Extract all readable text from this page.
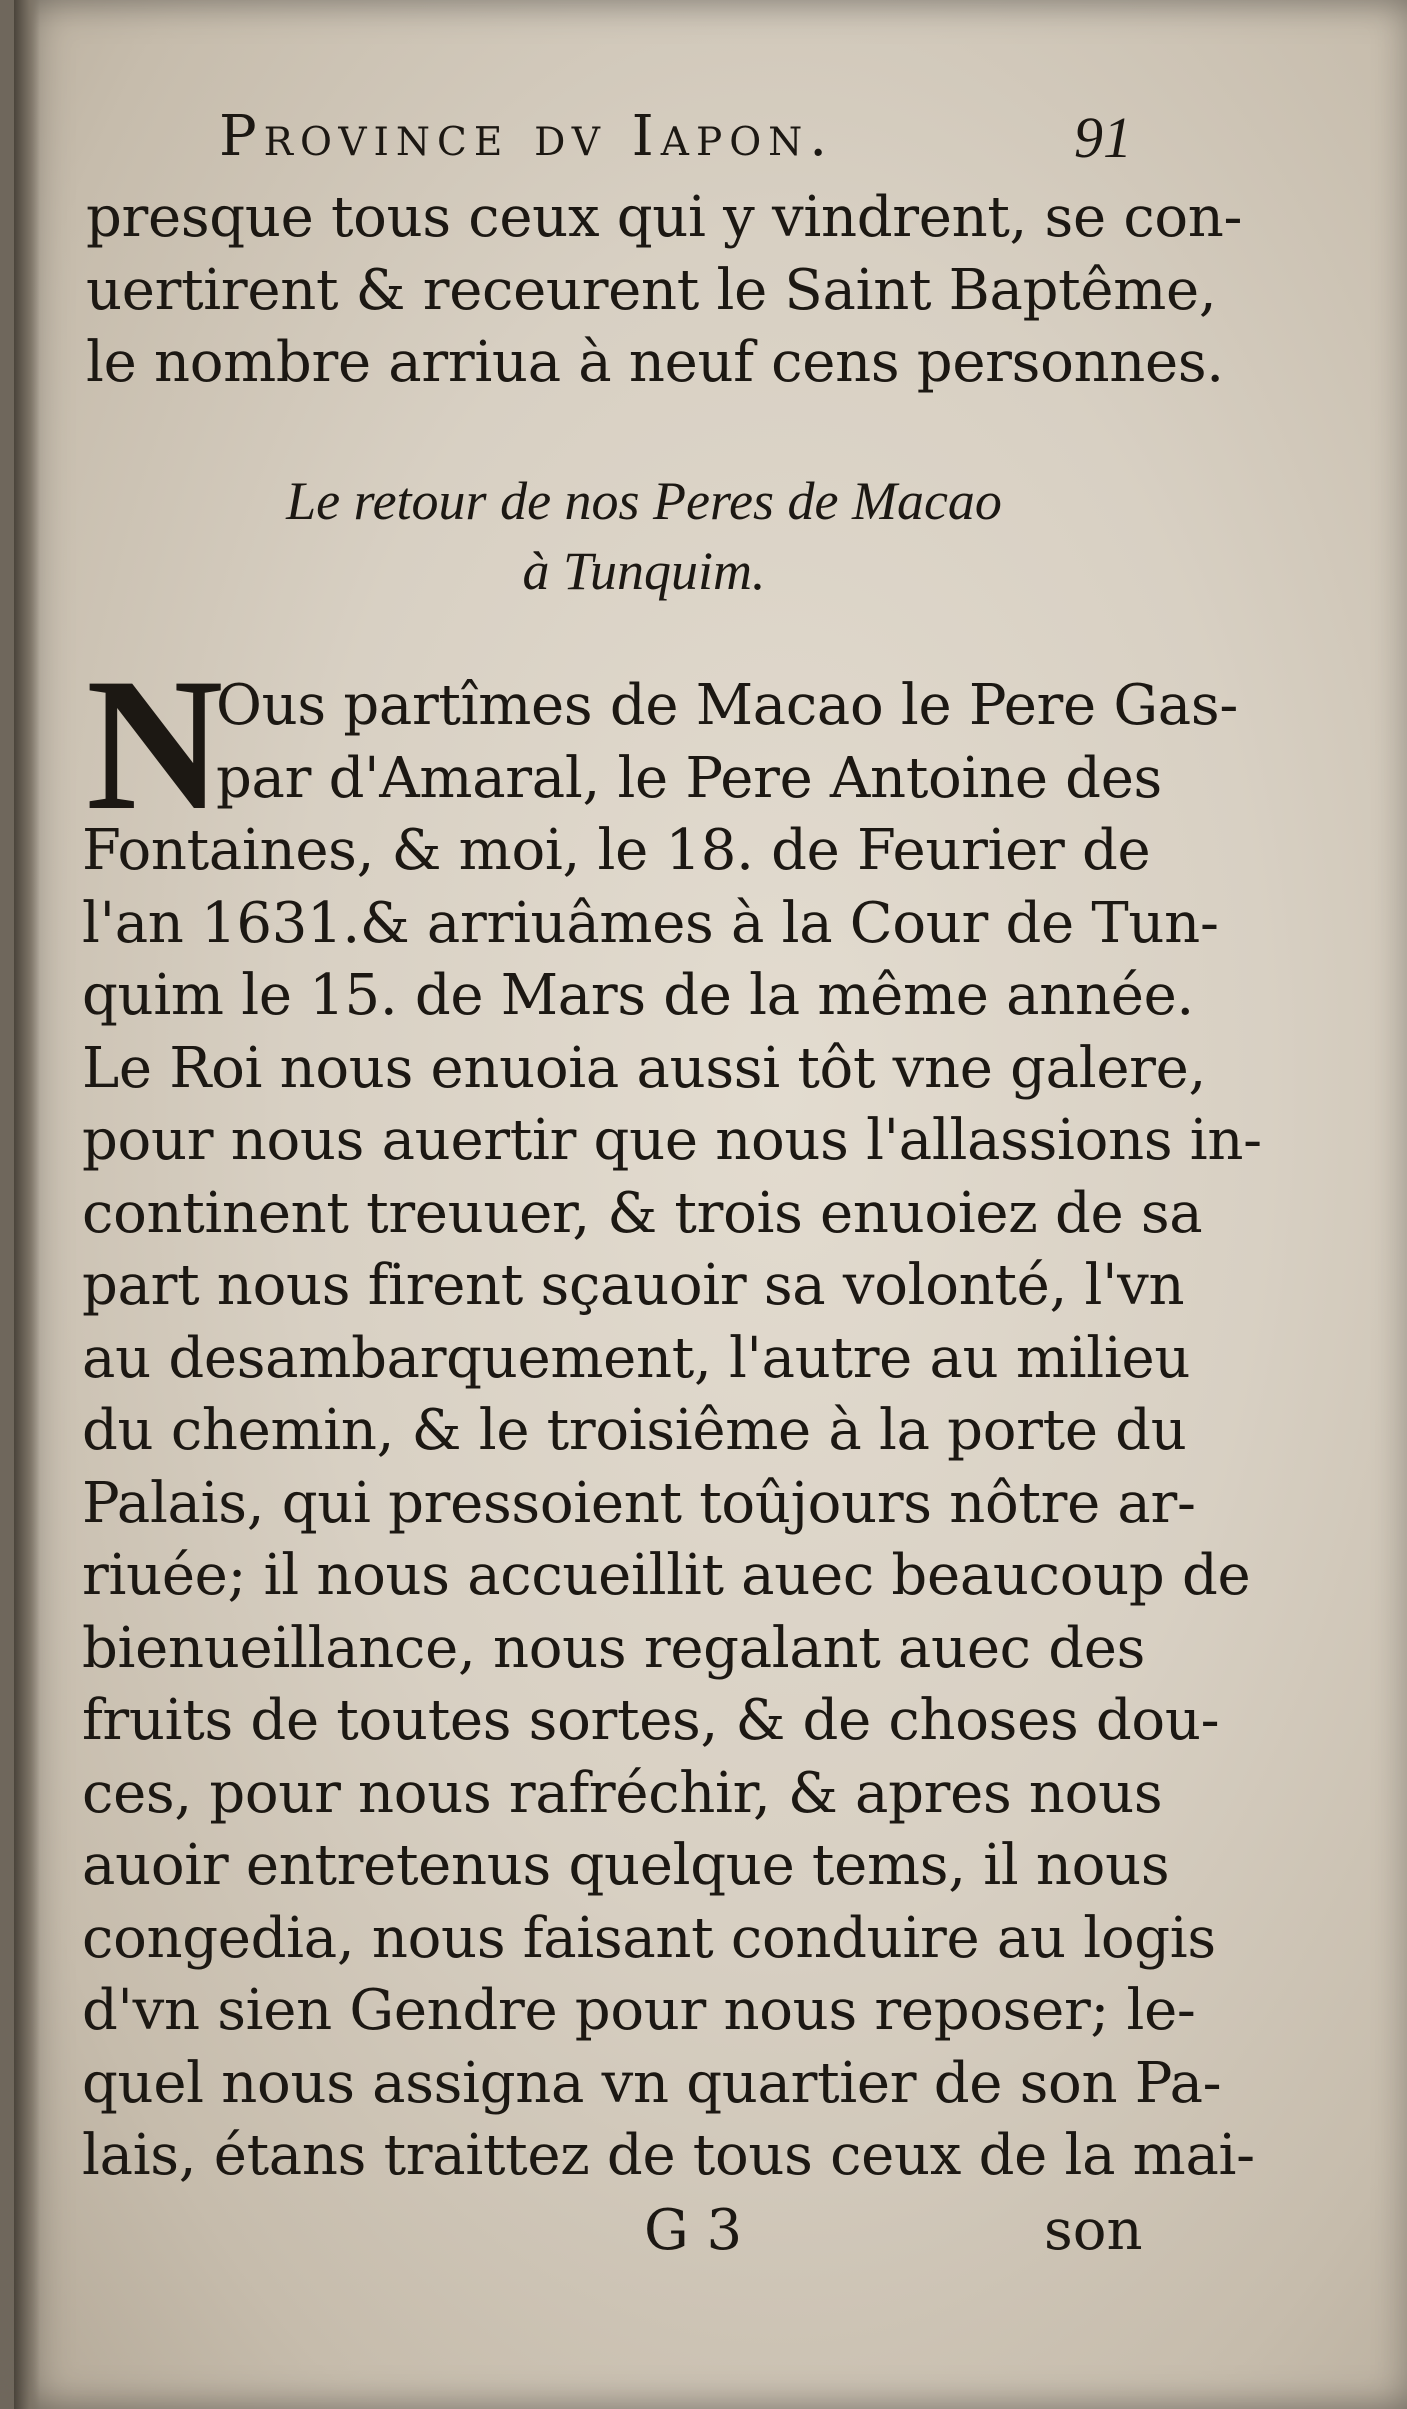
Province dv Iapon.	91
presque tous ceux qui y vindrent, se con-
uertirent & receurent le Saint Baptême,
le nombre arriua à neuf cens personnes.
Le retour de nos Peres de Macao
à Tunquim.
N
Ous partîmes de Macao le Pere Gas-
par d'Amaral, le Pere Antoine des
Fontaines, & moi, le 18. de Feurier de
l'an 1631.& arriuâmes à la Cour de Tun-
quim le 15. de Mars de la même année.
Le Roi nous enuoia aussi tôt vne galere,
pour nous auertir que nous l'allassions in-
continent treuuer, & trois enuoiez de sa
part nous firent sçauoir sa volonté, l'vn
au desambarquement, l'autre au milieu
du chemin, & le troisiême à la porte du
Palais, qui pressoient toûjours nôtre ar-
riuée; il nous accueillit auec beaucoup de
bienueillance, nous regalant auec des
fruits de toutes sortes, & de choses dou-
ces, pour nous rafréchir, & apres nous
auoir entretenus quelque tems, il nous
congedia, nous faisant conduire au logis
d'vn sien Gendre pour nous reposer; le-
quel nous assigna vn quartier de son Pa-
lais, étans traittez de tous ceux de la mai-
G 3	son
